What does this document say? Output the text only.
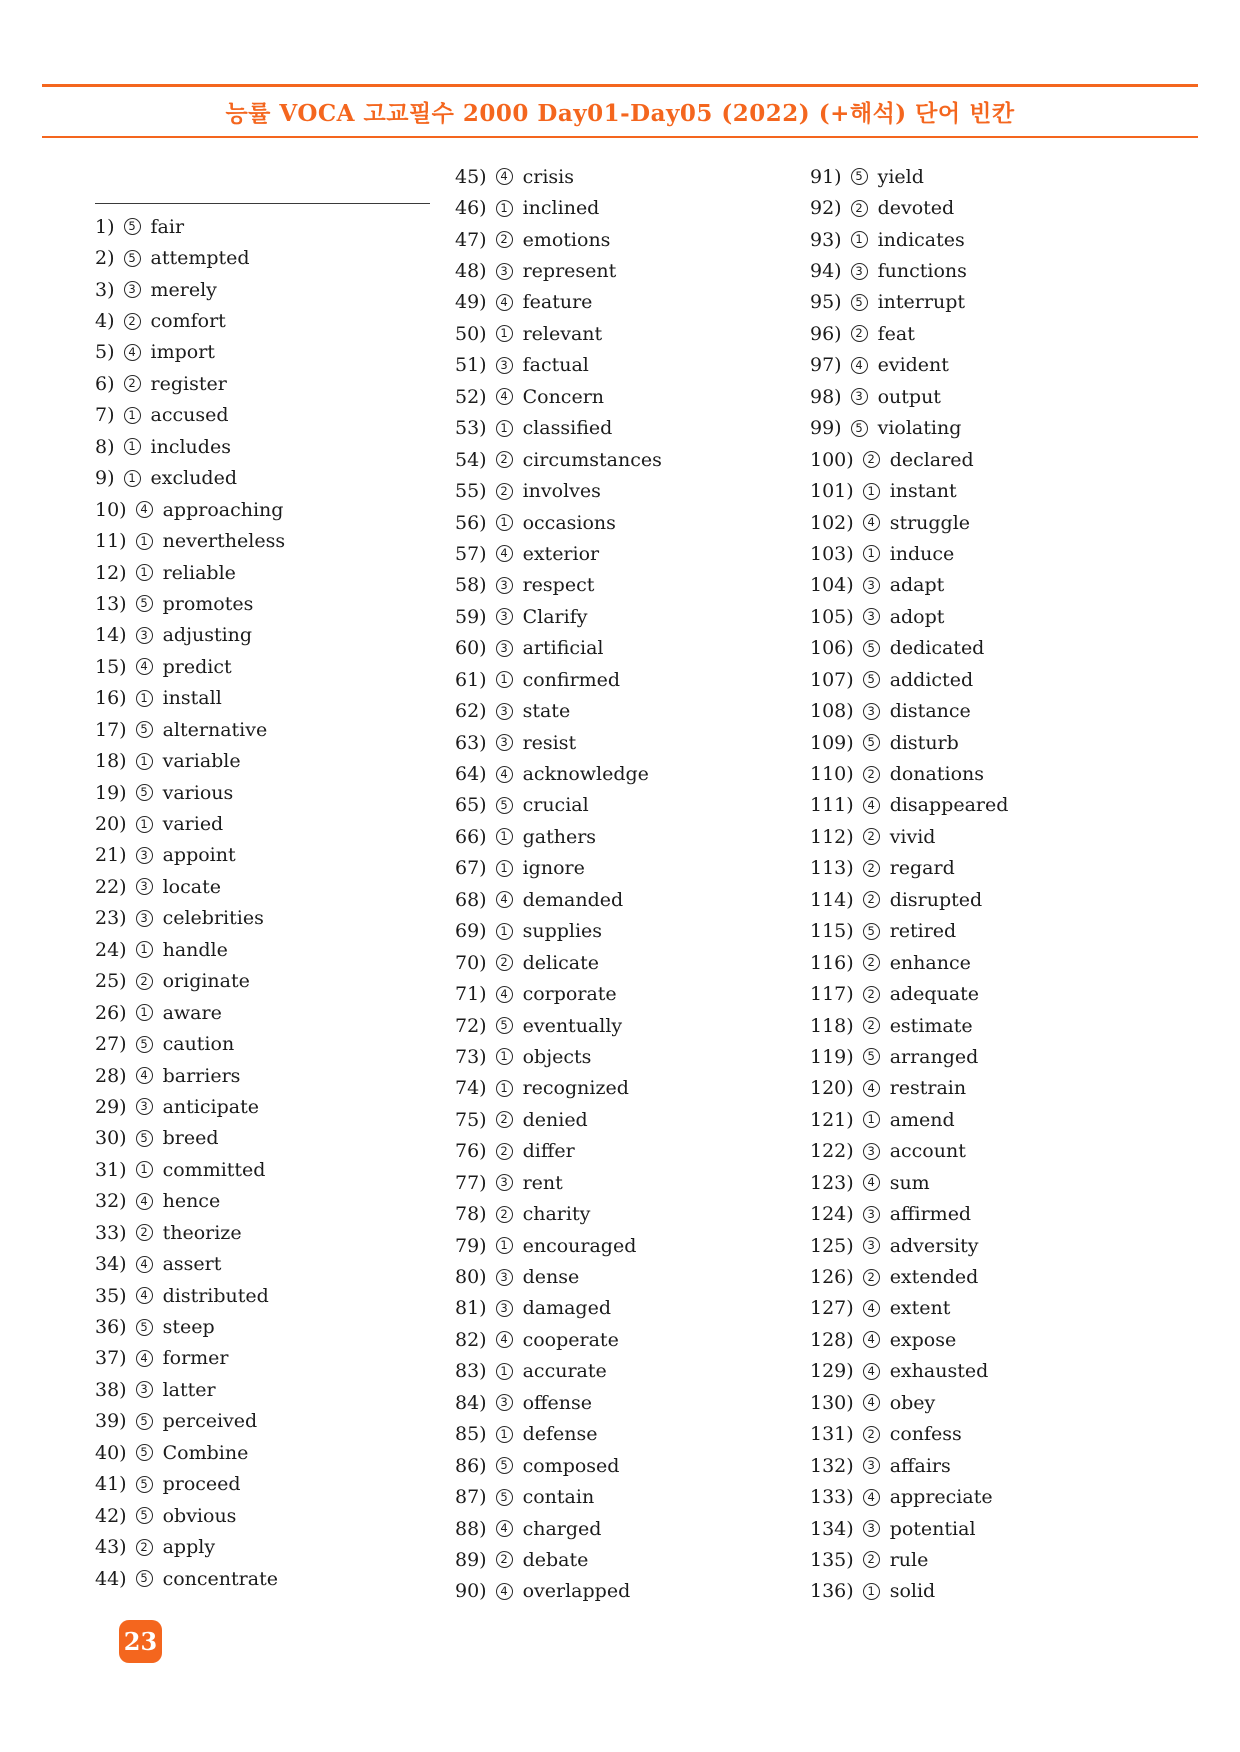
능률 VOCA 고교필수 2000 Day01-Day05 (2022) (+해석) 단어 빈칸
1)	5 fair
2)	5 attempted
3)	3 merely
4)	2 comfort
5)	4 import
6)	2 register
7)	1 accused
8)	1 includes
9)	1 excluded
10)	4 approaching
11)	1 nevertheless
12)	1 reliable
13)	5 promotes
14)	3 adjusting
15)	4 predict
16)	1 install
17)	5 alternative
18)	1 variable
19)	5 various
20)	1 varied
21)	3 appoint
22)	3 locate
23)	3 celebrities
24)	1 handle
25)	2 originate
26)	1 aware
27)	5 caution
28)	4 barriers
29)	3 anticipate
30)	5 breed
31)	1 committed
32)	4 hence
33)	2 theorize
34)	4 assert
35)	4 distributed
36)	5 steep
37)	4 former
38)	3 latter
39)	5 perceived
40)	5 Combine
41)	5 proceed
42)	5 obvious
43)	2 apply
44)	5 concentrate
45)	4 crisis
46)	1 inclined
47)	2 emotions
48)	3 represent
49)	4 feature
50)	1 relevant
51)	3 factual
52)	4 Concern
53)	1 classified
54)	2 circumstances
55)	2 involves
56)	1 occasions
57)	4 exterior
58)	3 respect
59)	3 Clarify
60)	3 artificial
61)	1 confirmed
62)	3 state
63)	3 resist
64)	4 acknowledge
65)	5 crucial
66)	1 gathers
67)	1 ignore
68)	4 demanded
69)	1 supplies
70)	2 delicate
71)	4 corporate
72)	5 eventually
73)	1 objects
74)	1 recognized
75)	2 denied
76)	2 differ
77)	3 rent
78)	2 charity
79)	1 encouraged
80)	3 dense
81)	3 damaged
82)	4 cooperate
83)	1 accurate
84)	3 offense
85)	1 defense
86)	5 composed
87)	5 contain
88)	4 charged
89)	2 debate
90)	4 overlapped
91)	5 yield
92)	2 devoted
93)	1 indicates
94)	3 functions
95)	5 interrupt
96)	2 feat
97)	4 evident
98)	3 output
99)	5 violating
100)	2 declared
101)	1 instant
102)	4 struggle
103)	1 induce
104)	3 adapt
105)	3 adopt
106)	5 dedicated
107)	5 addicted
108)	3 distance
109)	5 disturb
110)	2 donations
111)	4 disappeared
112)	2 vivid
113)	2 regard
114)	2 disrupted
115)	5 retired
116)	2 enhance
117)	2 adequate
118)	2 estimate
119)	5 arranged
120)	4 restrain
121)	1 amend
122)	3 account
123)	4 sum
124)	3 affirmed
125)	3 adversity
126)	2 extended
127)	4 extent
128)	4 expose
129)	4 exhausted
130)	4 obey
131)	2 confess
132)	3 affairs
133)	4 appreciate
134)	3 potential
135)	2 rule
136)	1 solid
23
